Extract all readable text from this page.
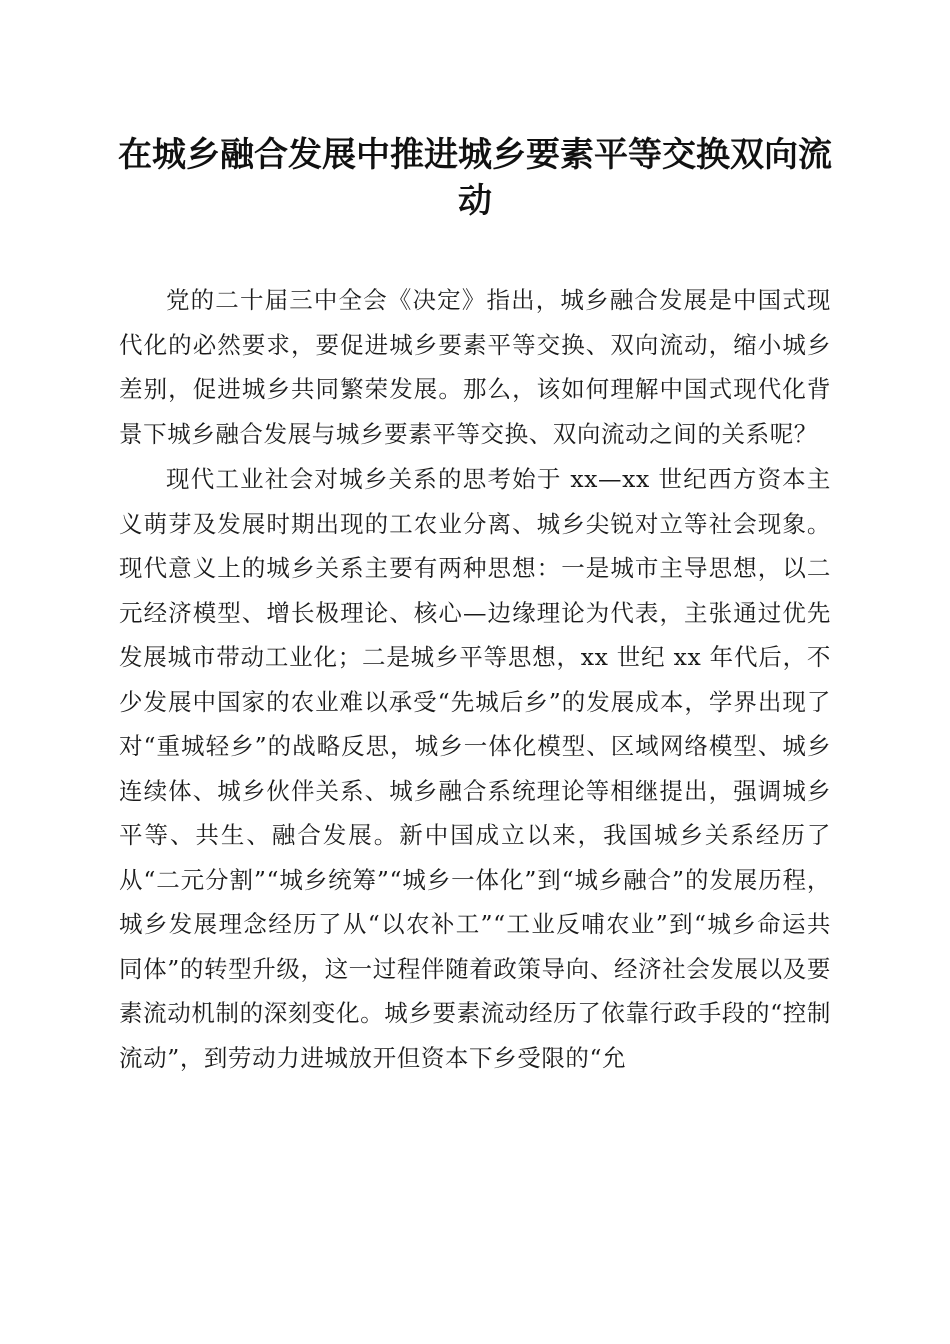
在城乡融合发展中推进城乡要素平等交换双向流动

党的二十届三中全会《决定》指出，城乡融合发展是中国式现代化的必然要求，要促进城乡要素平等交换、双向流动，缩小城乡差别，促进城乡共同繁荣发展。那么，该如何理解中国式现代化背景下城乡融合发展与城乡要素平等交换、双向流动之间的关系呢？

现代工业社会对城乡关系的思考始于 xx—xx 世纪西方资本主义萌芽及发展时期出现的工农业分离、城乡尖锐对立等社会现象。现代意义上的城乡关系主要有两种思想：一是城市主导思想，以二元经济模型、增长极理论、核心—边缘理论为代表，主张通过优先发展城市带动工业化；二是城乡平等思想，xx 世纪 xx 年代后，不少发展中国家的农业难以承受“先城后乡”的发展成本，学界出现了对“重城轻乡”的战略反思，城乡一体化模型、区域网络模型、城乡连续体、城乡伙伴关系、城乡融合系统理论等相继提出，强调城乡平等、共生、融合发展。新中国成立以来，我国城乡关系经历了从“二元分割”“城乡统筹”“城乡一体化”到“城乡融合”的发展历程，城乡发展理念经历了从“以农补工”“工业反哺农业”到“城乡命运共同体”的转型升级，这一过程伴随着政策导向、经济社会发展以及要素流动机制的深刻变化。城乡要素流动经历了依靠行政手段的“控制流动”，到劳动力进城放开但资本下乡受限的“允
